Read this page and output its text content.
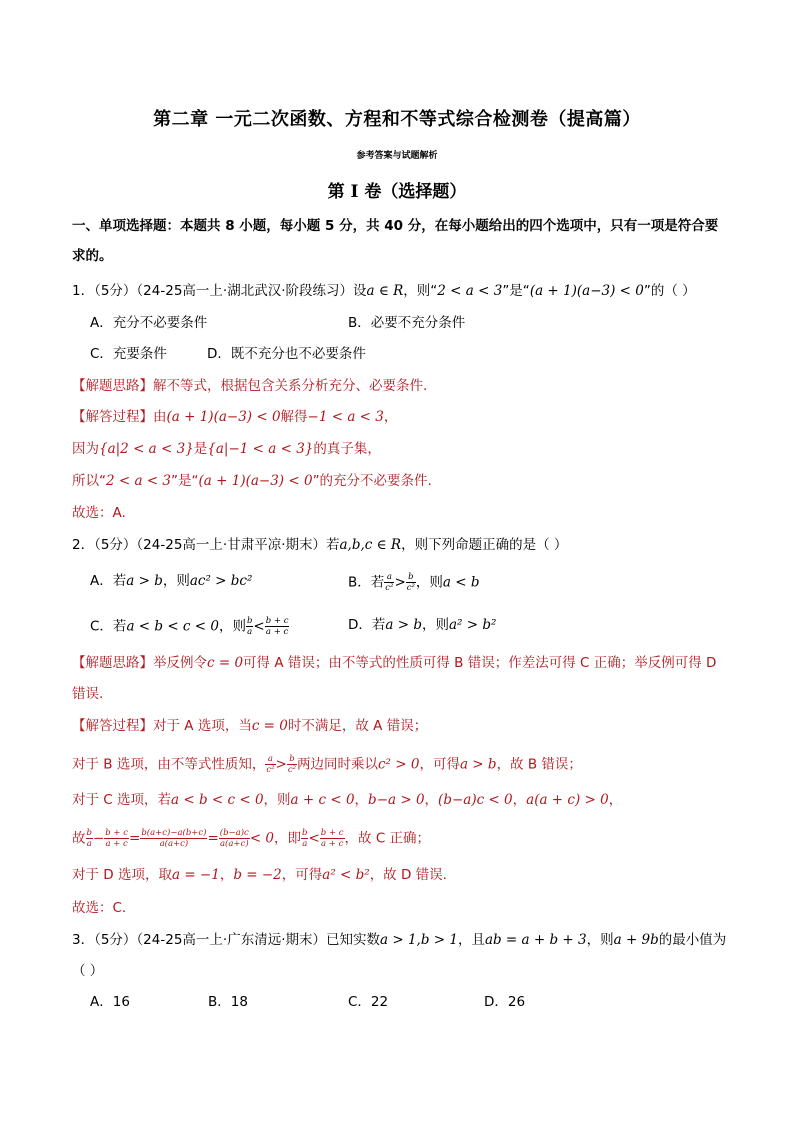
第二章 一元二次函数、方程和不等式综合检测卷（提高篇）
参考答案与试题解析
第 I 卷（选择题）
一、单项选择题：本题共 8 小题，每小题 5 分，共 40 分，在每小题给出的四个选项中，只有一项是符合要
求的。
1．（5分）（24-25高一上·湖北武汉·阶段练习）设a ∈ R，则“2 < a < 3”是“(a + 1)(a−3) < 0”的（ ）
A．充分不必要条件	B．必要不充分条件
C．充要条件	D．既不充分也不必要条件
【解题思路】解不等式，根据包含关系分析充分、必要条件.
【解答过程】由(a + 1)(a−3) < 0解得−1 < a < 3，
因为{a|2 < a < 3}是{a|−1 < a < 3}的真子集，
所以“2 < a < 3”是“(a + 1)(a−3) < 0”的充分不必要条件.
故选：A.
2．（5分）（24-25高一上·甘肃平凉·期末）若a,b,c ∈ R，则下列命题正确的是（ ）
A．若a > b，则ac² > bc²	B．若 $\frac{a}{\text{c²}} > \frac{b}{\text{c²}}$ ，则a < b
C．若a < b < c < 0，则 $\frac{b}{a} < \frac{b + c}{a + c}$	D．若a > b，则a² > b²
【解题思路】举反例令c = 0可得 A 错误；由不等式的性质可得 B 错误；作差法可得 C 正确；举反例可得 D
错误.
【解答过程】对于 A 选项，当c = 0时不满足，故 A 错误；
对于 B 选项，由不等式性质知， $\frac{a}{\text{c²}} > \frac{b}{\text{c²}}$ 两边同时乘以c² > 0，可得a > b，故 B 错误；
对于 C 选项，若a < b < c < 0，则a + c < 0，b−a > 0，(b−a)c < 0，a(a + c) > 0，
故 $\frac{b}{a} - \frac{b + c}{a + c} = \frac{b(a+c)-a(b+c)}{a(a+c)} = \frac{(b-a)c}{a(a+c)} < 0$，即 $\frac{b}{a} < \frac{b + c}{a + c}$ ，故 C 正确；
对于 D 选项，取a = −1，b = −2，可得a² < b²，故 D 错误.
故选：C.
3．（5分）（24-25高一上·广东清远·期末）已知实数a > 1,b > 1，且ab = a + b + 3，则a + 9b的最小值为
（ ）
A．16	B．18	C．22	D．26
